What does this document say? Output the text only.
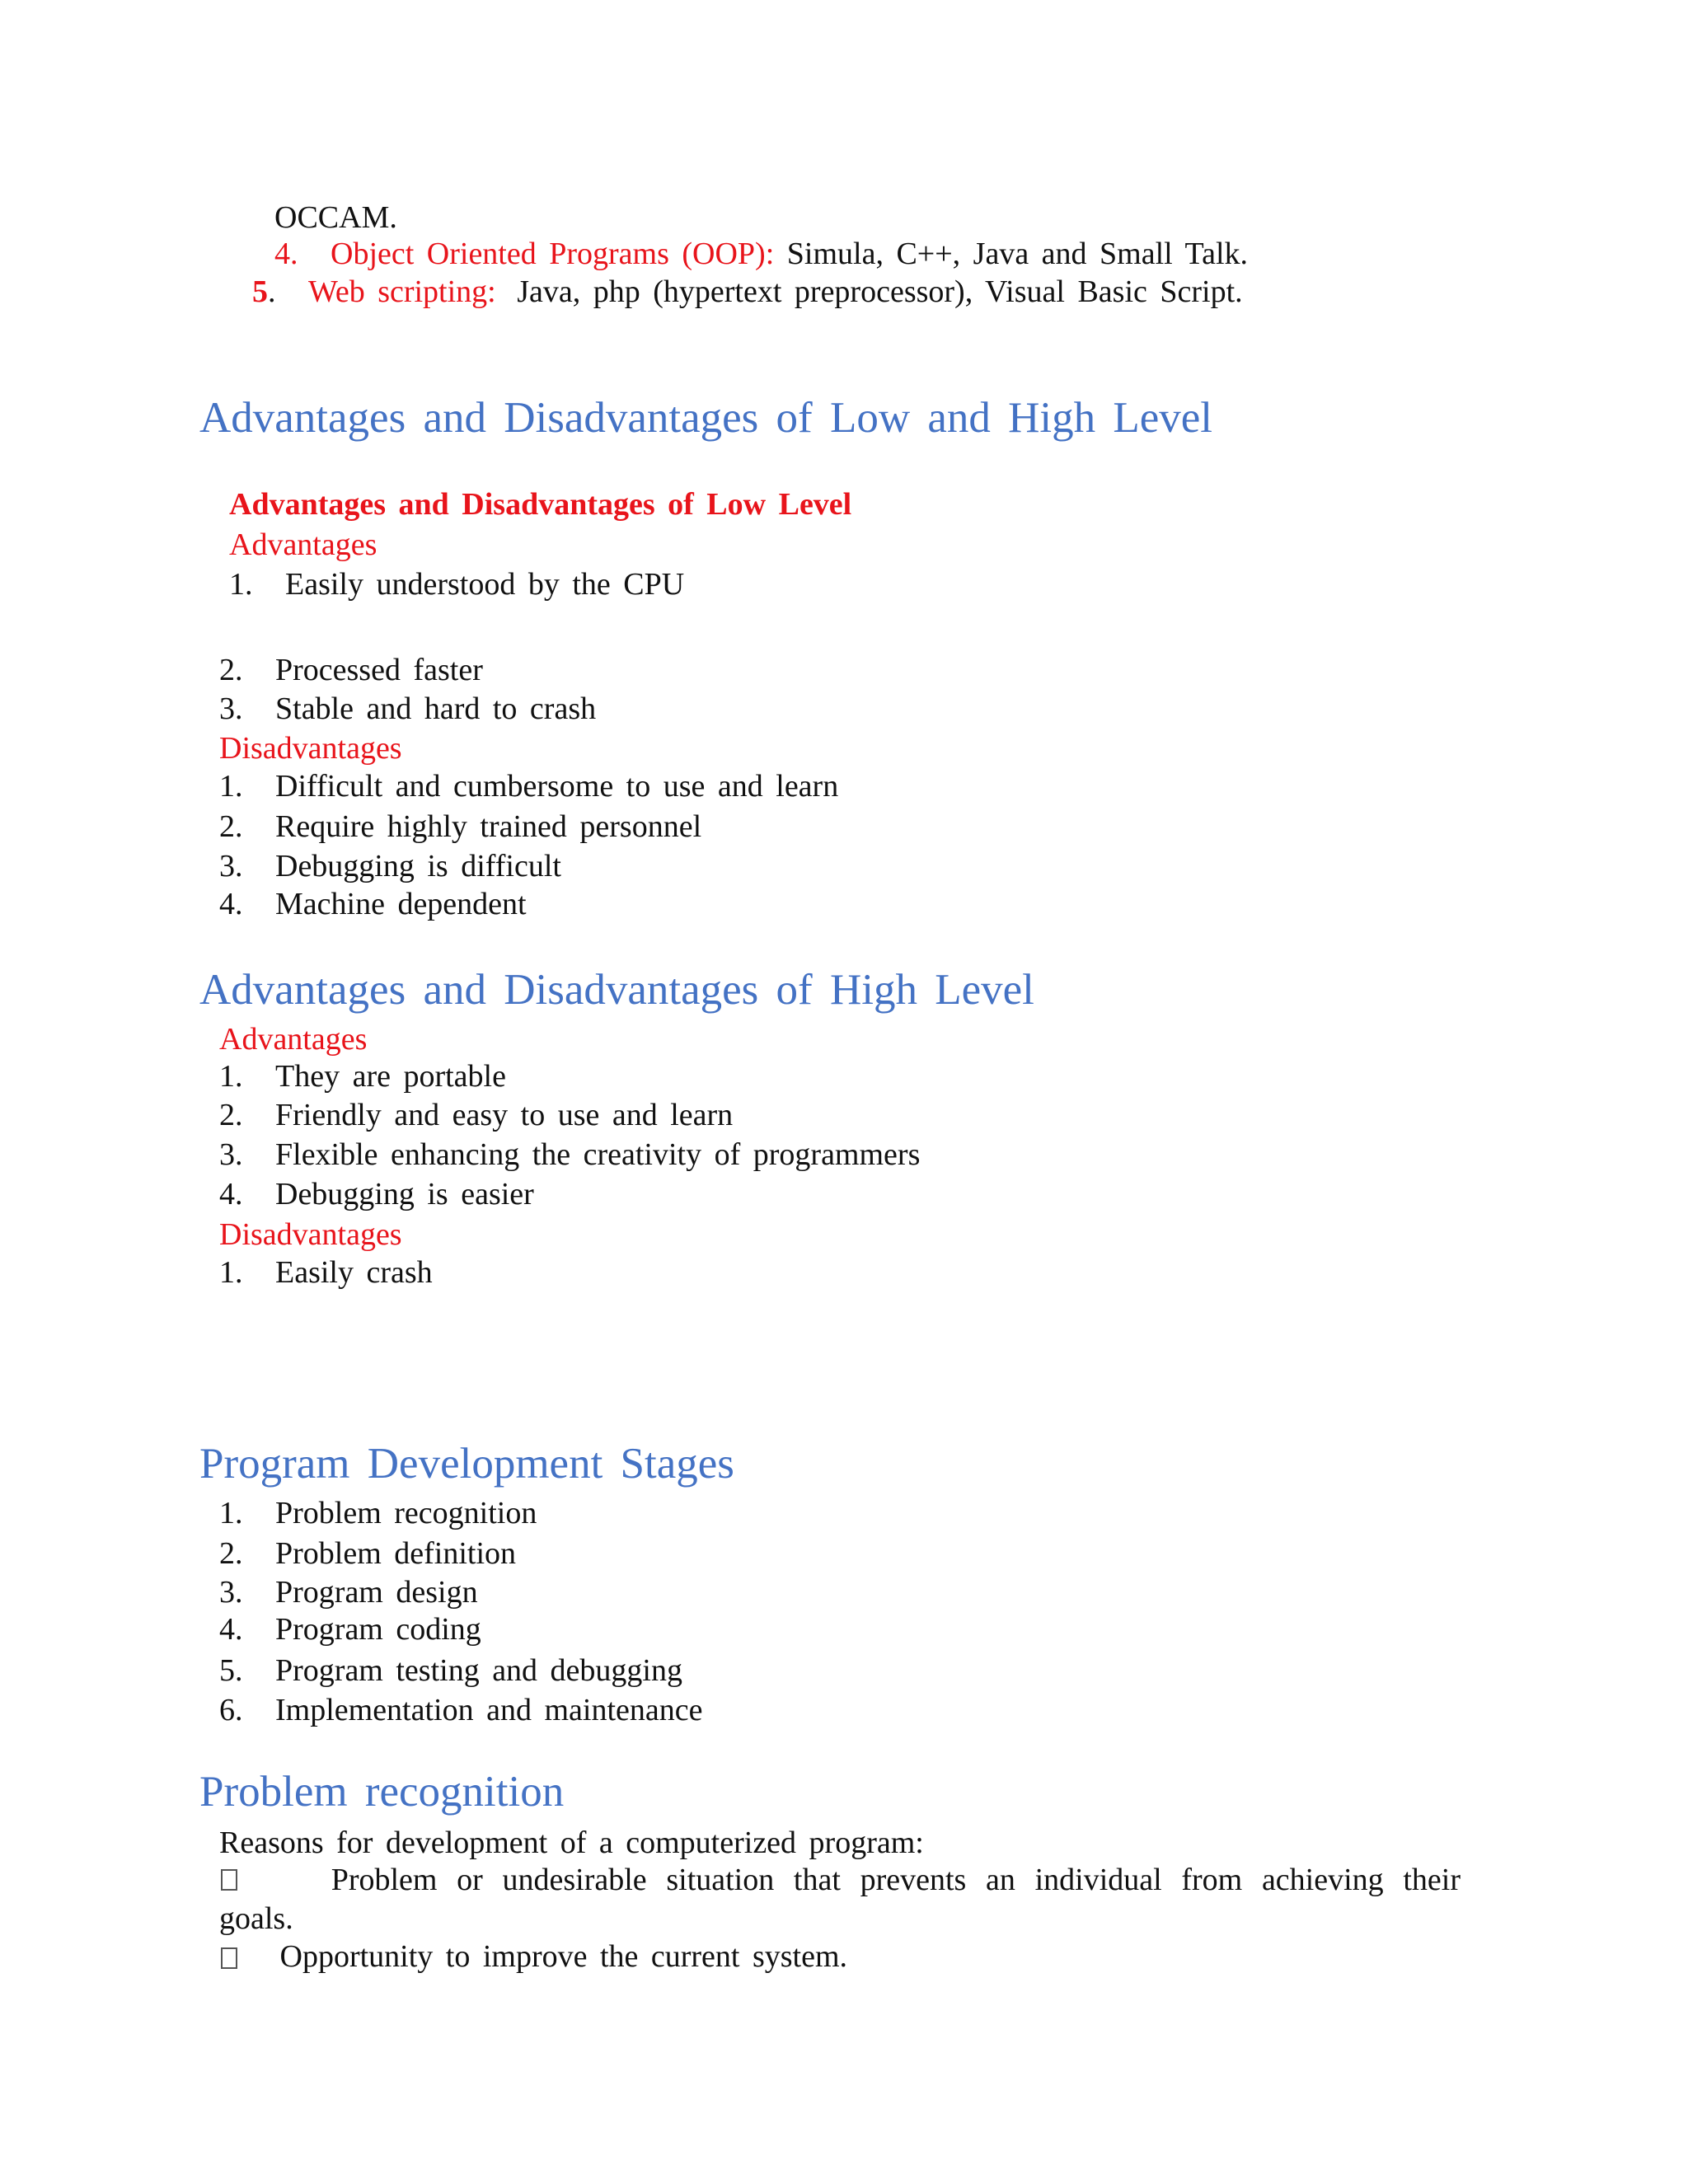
OCCAM.
4. Object Oriented Programs (OOP): Simula, C++, Java and Small Talk.
5. Web scripting: Java, php (hypertext preprocessor), Visual Basic Script.
Advantages and Disadvantages of Low and High Level
Advantages and Disadvantages of Low Level
Advantages
1. Easily understood by the CPU
2. Processed faster
3. Stable and hard to crash
Disadvantages
1. Difficult and cumbersome to use and learn
2. Require highly trained personnel
3. Debugging is difficult
4. Machine dependent
Advantages and Disadvantages of High Level
Advantages
1. They are portable
2. Friendly and easy to use and learn
3. Flexible enhancing the creativity of programmers
4. Debugging is easier
Disadvantages
1. Easily crash
Program Development Stages
1. Problem recognition
2. Problem definition
3. Program design
4. Program coding
5. Program testing and debugging
6. Implementation and maintenance
Problem recognition
Reasons for development of a computerized program:
Problem or undesirable situation that prevents an individual from achieving their
goals.
Opportunity to improve the current system.
